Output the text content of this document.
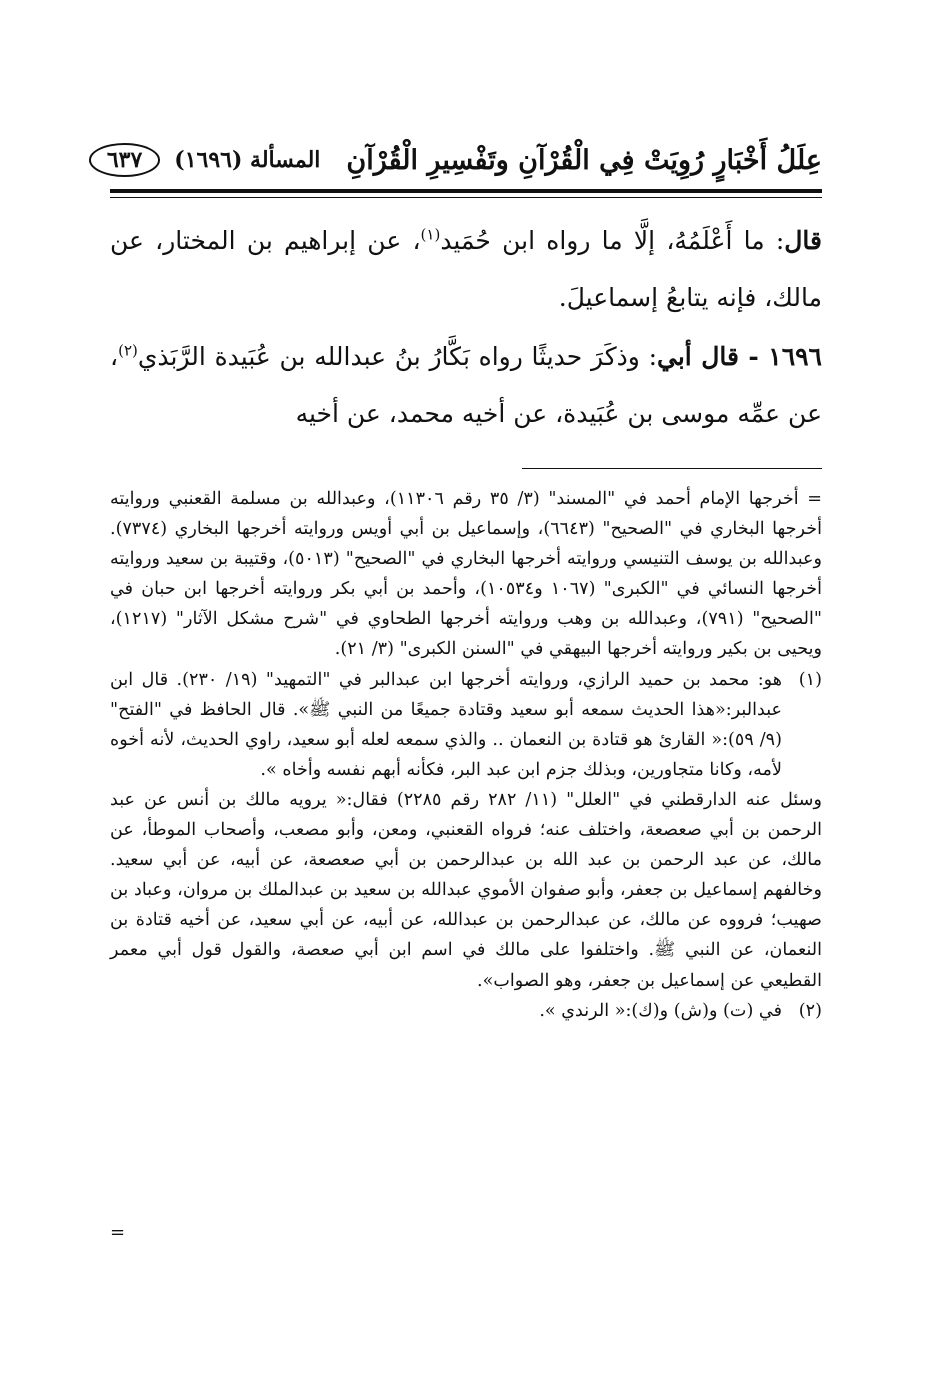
عِلَلُ أَخْبَارٍ رُوِيَتْ فِي الْقُرْآنِ وتَفْسِيرِ الْقُرْآنِ
المسألة (١٦٩٦)
٦٣٧

قال: ما أَعْلَمُهُ، إلَّا ما رواه ابن حُمَيد$^{(١)}$، عن إبراهيم بن المختار، عن مالك، فإنه يتابعُ إسماعيلَ.

١٦٩٦ - قال أبي: وذكَرَ حديثًا رواه بَكَّارُ بنُ عبدالله بن عُبَيدة الرَّبَذي$^{(٢)}$، عن عمِّه موسى بن عُبَيدة، عن أخيه محمد، عن أخيه

= أخرجها الإمام أحمد في "المسند" (٣/ ٣٥ رقم ١١٣٠٦)، وعبدالله بن مسلمة القعنبي وروايته أخرجها البخاري في "الصحيح" (٦٦٤٣)، وإسماعيل بن أبي أويس وروايته أخرجها البخاري (٧٣٧٤). وعبدالله بن يوسف التنيسي وروايته أخرجها البخاري في "الصحيح" (٥٠١٣)، وقتيبة بن سعيد وروايته أخرجها النسائي في "الكبرى" (١٠٦٧ و١٠٥٣٤)، وأحمد بن أبي بكر وروايته أخرجها ابن حبان في "الصحيح" (٧٩١)، وعبدالله بن وهب وروايته أخرجها الطحاوي في "شرح مشكل الآثار" (١٢١٧)، ويحيى بن بكير وروايته أخرجها البيهقي في "السنن الكبرى" (٣/ ٢١).

(١)
هو: محمد بن حميد الرازي، وروايته أخرجها ابن عبدالبر في "التمهيد" (١٩/ ٢٣٠). قال ابن عبدالبر:«هذا الحديث سمعه أبو سعيد وقتادة جميعًا من النبي ﷺ». قال الحافظ في "الفتح" (٩/ ٥٩):« القارئ هو قتادة بن النعمان .. والذي سمعه لعله أبو سعيد، راوي الحديث، لأنه أخوه لأمه، وكانا متجاورين، وبذلك جزم ابن عبد البر، فكأنه أبهم نفسه وأخاه ».

وسئل عنه الدارقطني في "العلل" (١١/ ٢٨٢ رقم ٢٢٨٥) فقال:« يرويه مالك بن أنس عن عبد الرحمن بن أبي صعصعة، واختلف عنه؛ فرواه القعنبي، ومعن، وأبو مصعب، وأصحاب الموطأ، عن مالك، عن عبد الرحمن بن عبد الله بن عبدالرحمن بن أبي صعصعة، عن أبيه، عن أبي سعيد. وخالفهم إسماعيل بن جعفر، وأبو صفوان الأموي عبدالله بن سعيد بن عبدالملك بن مروان، وعباد بن صهيب؛ فرووه عن مالك، عن عبدالرحمن بن عبدالله، عن أبيه، عن أبي سعيد، عن أخيه قتادة بن النعمان، عن النبي ﷺ. واختلفوا على مالك في اسم ابن أبي صعصة، والقول قول أبي معمر القطيعي عن إسماعيل بن جعفر، وهو الصواب».

(٢)
في (ت) و(ش) و(ك):« الرندي ».
=
